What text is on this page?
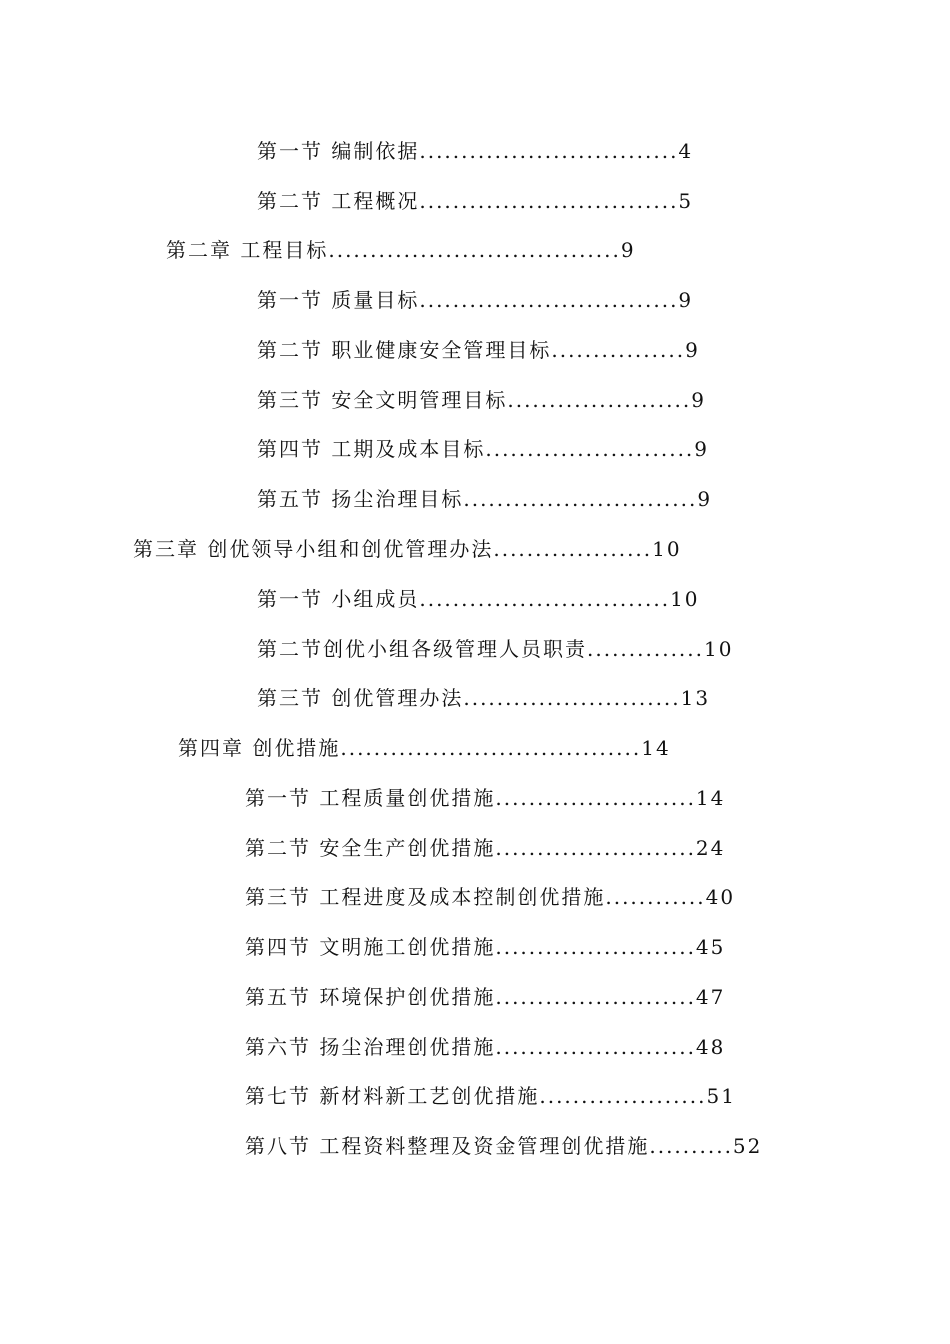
第一节 编制依据...............................4
第二节 工程概况...............................5
第二章 工程目标...................................9
第一节 质量目标...............................9
第二节 职业健康安全管理目标................9
第三节 安全文明管理目标......................9
第四节 工期及成本目标.........................9
第五节 扬尘治理目标............................9
第三章 创优领导小组和创优管理办法...................10
第一节 小组成员..............................10
第二节创优小组各级管理人员职责..............10
第三节 创优管理办法..........................13
第四章 创优措施....................................14
第一节 工程质量创优措施........................14
第二节 安全生产创优措施........................24
第三节 工程进度及成本控制创优措施............40
第四节 文明施工创优措施........................45
第五节 环境保护创优措施........................47
第六节 扬尘治理创优措施........................48
第七节 新材料新工艺创优措施....................51
第八节 工程资料整理及资金管理创优措施..........52
